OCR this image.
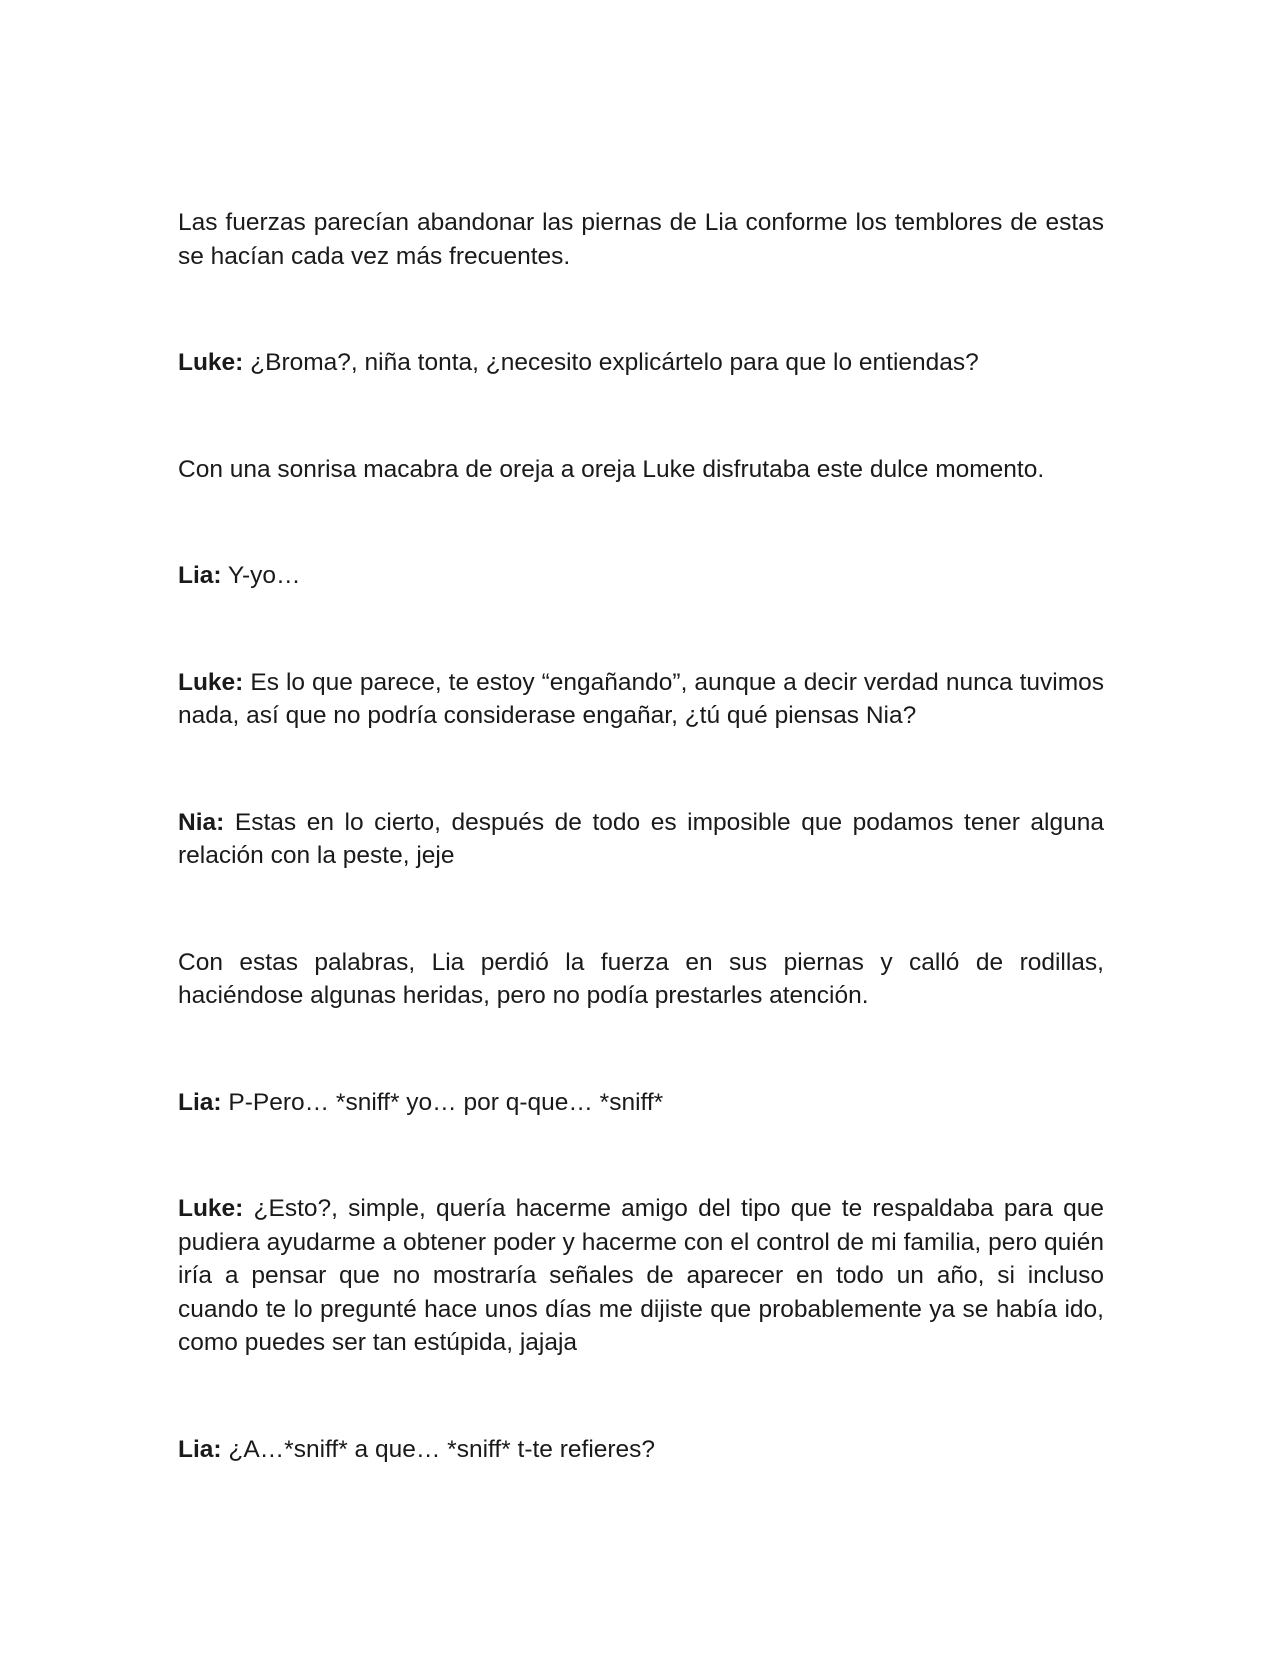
Las fuerzas parecían abandonar las piernas de Lia conforme los temblores de estas se hacían cada vez más frecuentes.

Luke: ¿Broma?, niña tonta, ¿necesito explicártelo para que lo entiendas?

Con una sonrisa macabra de oreja a oreja Luke disfrutaba este dulce momento.

Lia: Y-yo…

Luke: Es lo que parece, te estoy “engañando”, aunque a decir verdad nunca tuvimos nada, así que no podría considerase engañar, ¿tú qué piensas Nia?

Nia: Estas en lo cierto, después de todo es imposible que podamos tener alguna relación con la peste, jeje

Con estas palabras, Lia perdió la fuerza en sus piernas y calló de rodillas, haciéndose algunas heridas, pero no podía prestarles atención.

Lia: P-Pero… *sniff* yo… por q-que… *sniff*

Luke: ¿Esto?, simple, quería hacerme amigo del tipo que te respaldaba para que pudiera ayudarme a obtener poder y hacerme con el control de mi familia, pero quién iría a pensar que no mostraría señales de aparecer en todo un año, si incluso cuando te lo pregunté hace unos días me dijiste que probablemente ya se había ido, como puedes ser tan estúpida, jajaja

Lia: ¿A…*sniff* a que… *sniff* t-te refieres?
